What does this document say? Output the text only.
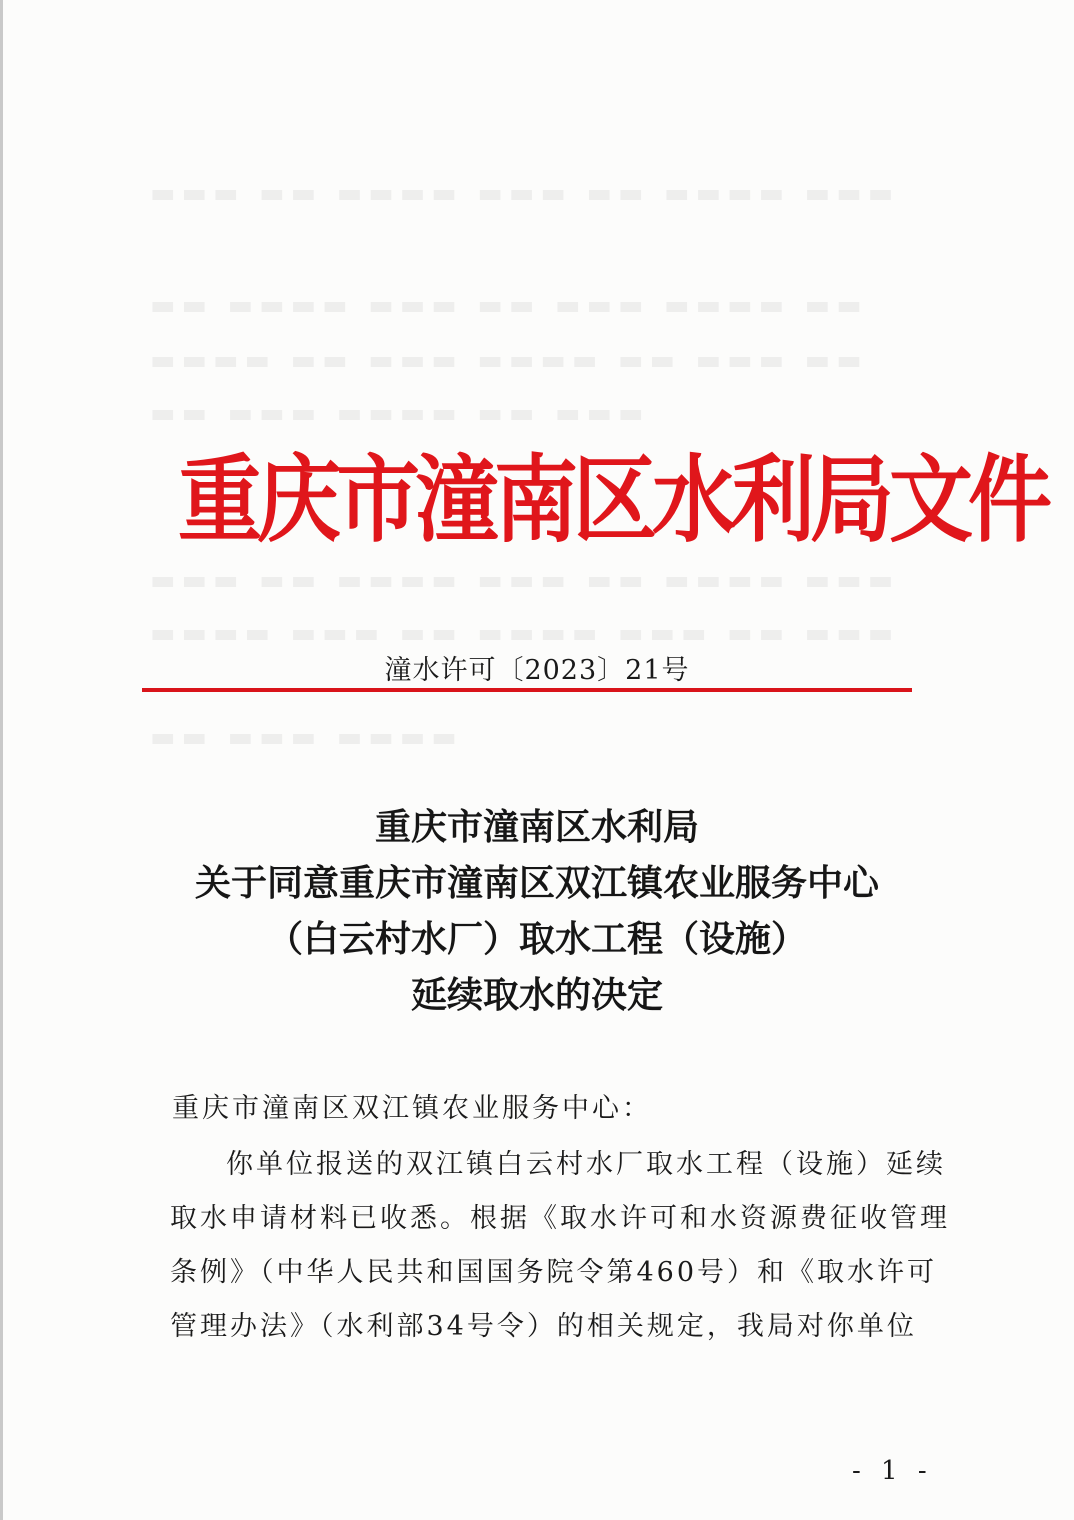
▬▬▬ ▬▬ ▬▬▬▬ ▬▬▬ ▬▬ ▬▬▬▬ ▬▬▬
▬▬ ▬▬▬▬ ▬▬▬ ▬▬ ▬▬▬ ▬▬▬▬ ▬▬
▬▬▬▬ ▬▬ ▬▬▬ ▬▬▬▬ ▬▬ ▬▬▬ ▬▬
▬▬ ▬▬▬ ▬▬▬▬ ▬▬ ▬▬▬
▬▬▬ ▬▬ ▬▬▬▬ ▬▬▬ ▬▬ ▬▬▬▬ ▬▬▬
▬▬▬▬ ▬▬▬ ▬▬ ▬▬▬▬ ▬▬▬ ▬▬ ▬▬▬
▬▬ ▬▬▬ ▬▬▬▬
重庆市潼南区水利局文件
潼水许可〔2023〕21号
重庆市潼南区水利局
关于同意重庆市潼南区双江镇农业服务中心
（白云村水厂）取水工程（设施）
延续取水的决定
重庆市潼南区双江镇农业服务中心：
你单位报送的双江镇白云村水厂取水工程（设施）延续
取水申请材料已收悉。根据《取水许可和水资源费征收管理
条例》（中华人民共和国国务院令第460号）和《取水许可
管理办法》（水利部34号令）的相关规定，我局对你单位
- 1 -
